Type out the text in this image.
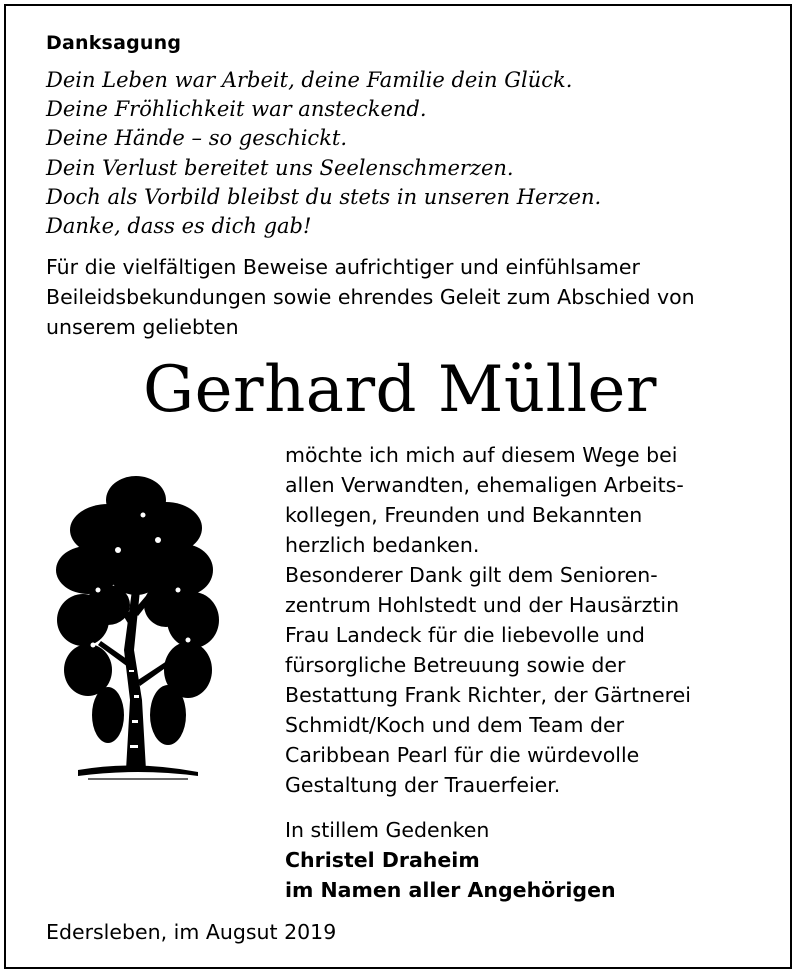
Danksagung
Dein Leben war Arbeit, deine Familie dein Glück.
Deine Fröhlichkeit war ansteckend.
Deine Hände – so geschickt.
Dein Verlust bereitet uns Seelenschmerzen.
Doch als Vorbild bleibst du stets in unseren Herzen.
Danke, dass es dich gab!
Für die vielfältigen Beweise aufrichtiger und einfühlsamer
Beileidsbekundungen sowie ehrendes Geleit zum Abschied von
unserem geliebten
Gerhard Müller
möchte ich mich auf diesem Wege bei
allen Verwandten, ehemaligen Arbeits-
kollegen, Freunden und Bekannten
herzlich bedanken.
Besonderer Dank gilt dem Senioren-
zentrum Hohlstedt und der Hausärztin
Frau Landeck für die liebevolle und
fürsorgliche Betreuung sowie der
Bestattung Frank Richter, der Gärtnerei
Schmidt/Koch und dem Team der
Caribbean Pearl für die würdevolle
Gestaltung der Trauerfeier.
In stillem Gedenken
Christel Draheim
im Namen aller Angehörigen
Edersleben, im Augsut 2019
